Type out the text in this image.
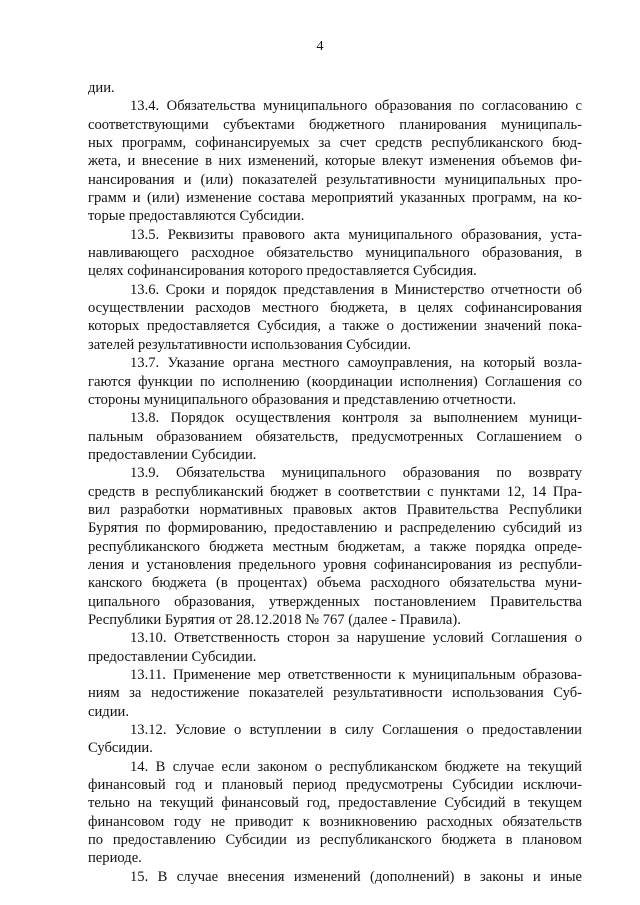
4
дии.
13.4. Обязательства муниципального образования по согласованию с
соответствующими субъектами бюджетного планирования муниципаль-
ных программ, софинансируемых за счет средств республиканского бюд-
жета, и внесение в них изменений, которые влекут изменения объемов фи-
нансирования и (или) показателей результативности муниципальных про-
грамм и (или) изменение состава мероприятий указанных программ, на ко-
торые предоставляются Субсидии.
13.5. Реквизиты правового акта муниципального образования, уста-
навливающего расходное обязательство муниципального образования, в
целях софинансирования которого предоставляется Субсидия.
13.6. Сроки и порядок представления в Министерство отчетности об
осуществлении расходов местного бюджета, в целях софинансирования
которых предоставляется Субсидия, а также о достижении значений пока-
зателей результативности использования Субсидии.
13.7. Указание органа местного самоуправления, на который возла-
гаются функции по исполнению (координации исполнения) Соглашения со
стороны муниципального образования и представлению отчетности.
13.8. Порядок осуществления контроля за выполнением муници-
пальным образованием обязательств, предусмотренных Соглашением о
предоставлении Субсидии.
13.9. Обязательства муниципального образования по возврату
средств в республиканский бюджет в соответствии с пунктами 12, 14 Пра-
вил разработки нормативных правовых актов Правительства Республики
Бурятия по формированию, предоставлению и распределению субсидий из
республиканского бюджета местным бюджетам, а также порядка опреде-
ления и установления предельного уровня софинансирования из республи-
канского бюджета (в процентах) объема расходного обязательства муни-
ципального образования, утвержденных постановлением Правительства
Республики Бурятия от 28.12.2018 № 767 (далее - Правила).
13.10. Ответственность сторон за нарушение условий Соглашения о
предоставлении Субсидии.
13.11. Применение мер ответственности к муниципальным образова-
ниям за недостижение показателей результативности использования Суб-
сидии.
13.12. Условие о вступлении в силу Соглашения о предоставлении
Субсидии.
14. В случае если законом о республиканском бюджете на текущий
финансовый год и плановый период предусмотрены Субсидии исключи-
тельно на текущий финансовый год, предоставление Субсидий в текущем
финансовом году не приводит к возникновению расходных обязательств
по предоставлению Субсидии из республиканского бюджета в плановом
периоде.
15. В случае внесения изменений (дополнений) в законы и иные
